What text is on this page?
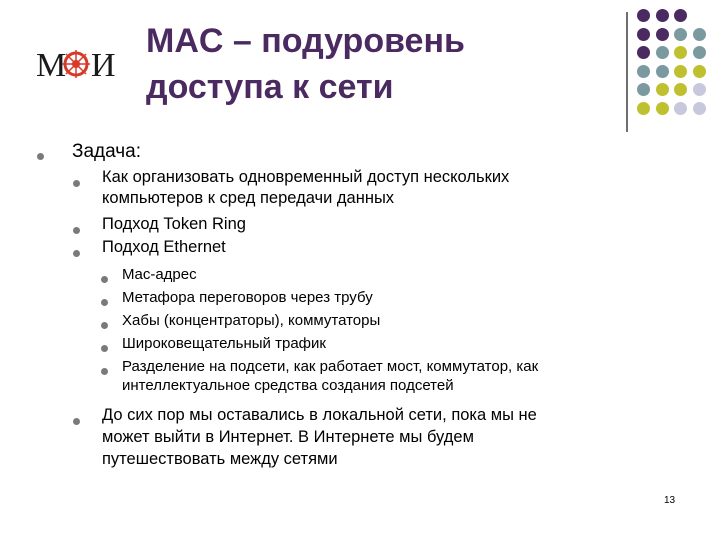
М И
MAC – подуровень
доступа к сети
Задача:
Как организовать одновременный доступ нескольких
компьютеров к сред передачи данных
Подход Token Ring
Подход Ethernet
Mac-адрес
Метафора переговоров через трубу
Хабы (концентраторы), коммутаторы
Широковещательный трафик
Разделение на подсети, как работает мост, коммутатор, как
интеллектуальное средства создания подсетей
До сих пор мы оставались в локальной сети, пока мы не
может выйти в Интернет. В Интернете мы будем
путешествовать между сетями
13
